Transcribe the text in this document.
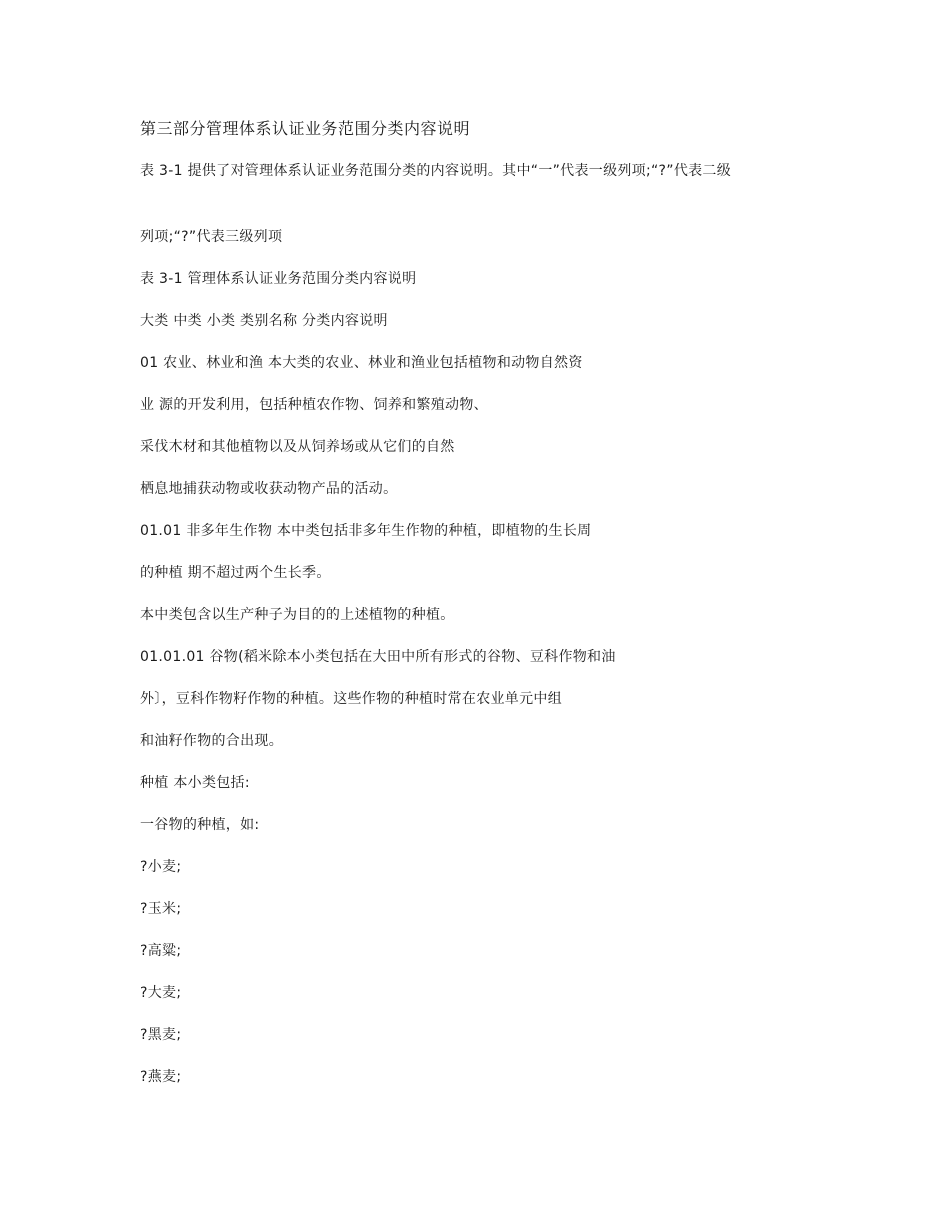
第三部分管理体系认证业务范围分类内容说明
表 3-1 提供了对管理体系认证业务范围分类的内容说明。其中“一”代表一级列项;“?”代表二级
列项;“?”代表三级列项
表 3-1 管理体系认证业务范围分类内容说明
大类 中类 小类 类别名称 分类内容说明
01 农业、林业和渔 本大类的农业、林业和渔业包括植物和动物自然资
业 源的开发利用，包括种植农作物、饲养和繁殖动物、
采伐木材和其他植物以及从饲养场或从它们的自然
栖息地捕获动物或收获动物产品的活动。
01.01 非多年生作物 本中类包括非多年生作物的种植，即植物的生长周
的种植 期不超过两个生长季。
本中类包含以生产种子为目的的上述植物的种植。
01.01.01 谷物(稻米除本小类包括在大田中所有形式的谷物、豆科作物和油
外〕，豆科作物籽作物的种植。这些作物的种植时常在农业单元中组
和油籽作物的合出现。
种植 本小类包括:
一谷物的种植，如:
?小麦;
?玉米;
?高粱;
?大麦;
?黑麦;
?燕麦;
